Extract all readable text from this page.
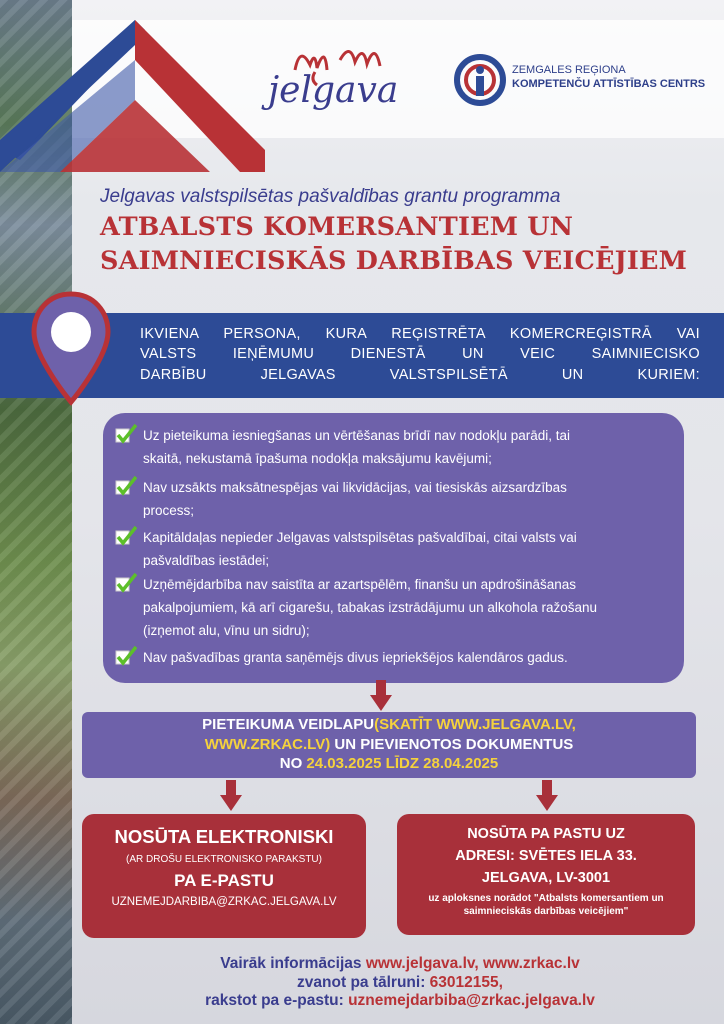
jelgava	ZEMGALES REĢIONA
KOMPETENČU ATTĪSTĪBAS CENTRS
Jelgavas valstspilsētas pašvaldības grantu programma
ATBALSTS KOMERSANTIEM UN
SAIMNIECISKĀS DARBĪBAS VEICĒJIEM
IKVIENA PERSONA, KURA REĢISTRĒTA KOMERCREĢISTRĀ VAI
VALSTS IEŅĒMUMU DIENESTĀ UN VEIC SAIMNIECISKO
DARBĪBU JELGAVAS VALSTSPILSĒTĀ UN KURIEM:
Uz pieteikuma iesniegšanas un vērtēšanas brīdī nav nodokļu parādi, tai
skaitā, nekustamā īpašuma nodokļa maksājumu kavējumi;
Nav uzsākts maksātnespējas vai likvidācijas, vai tiesiskās aizsardzības
process;
Kapitāldaļas nepieder Jelgavas valstspilsētas pašvaldībai, citai valsts vai
pašvaldības iestādei;
Uzņēmējdarbība nav saistīta ar azartspēlēm, finanšu un apdrošināšanas
pakalpojumiem, kā arī cigarešu, tabakas izstrādājumu un alkohola ražošanu
(izņemot alu, vīnu un sidru);
Nav pašvadības granta saņēmējs divus iepriekšējos kalendāros gadus.
PIETEIKUMA VEIDLAPU(SKATĪT WWW.JELGAVA.LV,
WWW.ZRKAC.LV) UN PIEVIENOTOS DOKUMENTUS
NO 24.03.2025 LĪDZ 28.04.2025
NOSŪTA ELEKTRONISKI
(AR DROŠU ELEKTRONISKO PARAKSTU)
PA E-PASTU
UZNEMEJDARBIBA@ZRKAC.JELGAVA.LV
NOSŪTA PA PASTU UZ
ADRESI: SVĒTES IELA 33.
JELGAVA, LV-3001
uz aploksnes norādot "Atbalsts komersantiem un saimnieciskās darbības veicējiem"
Vairāk informācijas www.jelgava.lv, www.zrkac.lv
zvanot pa tālruni: 63012155,
rakstot pa e-pastu: uznemejdarbiba@zrkac.jelgava.lv
